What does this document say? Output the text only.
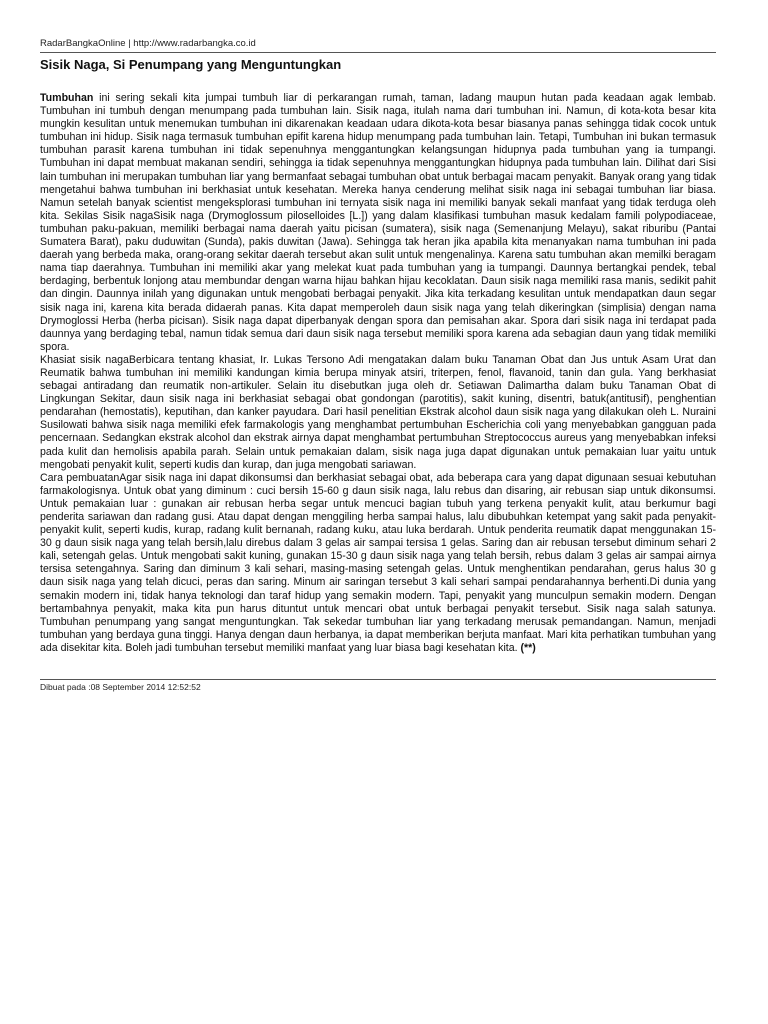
RadarBangkaOnline | http://www.radarbangka.co.id
Sisik Naga, Si Penumpang yang Menguntungkan

Tumbuhan ini sering sekali kita jumpai tumbuh liar di perkarangan rumah, taman, ladang maupun hutan pada keadaan agak lembab. Tumbuhan ini tumbuh dengan menumpang pada tumbuhan lain. Sisik naga, itulah nama dari tumbuhan ini. Namun, di kota-kota besar kita mungkin kesulitan untuk menemukan tumbuhan ini dikarenakan keadaan udara dikota-kota besar biasanya panas sehingga tidak cocok untuk tumbuhan ini hidup. Sisik naga termasuk tumbuhan epifit karena hidup menumpang pada tumbuhan lain. Tetapi, Tumbuhan ini bukan termasuk tumbuhan parasit karena tumbuhan ini tidak sepenuhnya menggantungkan kelangsungan hidupnya pada tumbuhan yang ia tumpangi. Tumbuhan ini dapat membuat makanan sendiri, sehingga ia tidak sepenuhnya menggantungkan hidupnya pada tumbuhan lain. Dilihat dari Sisi lain tumbuhan ini merupakan tumbuhan liar yang bermanfaat sebagai tumbuhan obat untuk berbagai macam penyakit. Banyak orang yang tidak mengetahui bahwa tumbuhan ini berkhasiat untuk kesehatan. Mereka hanya cenderung melihat sisik naga ini sebagai tumbuhan liar biasa. Namun setelah banyak scientist mengeksplorasi tumbuhan ini ternyata sisik naga ini memiliki banyak sekali manfaat yang tidak terduga oleh kita. Sekilas Sisik nagaSisik naga (Drymoglossum piloselloides [L.]) yang dalam klasifikasi tumbuhan masuk kedalam famili polypodiaceae, tumbuhan paku-pakuan, memiliki berbagai nama daerah yaitu picisan (sumatera), sisik naga (Semenanjung Melayu), sakat riburibu (Pantai Sumatera Barat), paku duduwitan (Sunda), pakis duwitan (Jawa). Sehingga tak heran jika apabila kita menanyakan nama tumbuhan ini pada daerah yang berbeda maka, orang-orang sekitar daerah tersebut akan sulit untuk mengenalinya. Karena satu tumbuhan akan memilki beragam nama tiap daerahnya. Tumbuhan ini memiliki akar yang melekat kuat pada tumbuhan yang ia tumpangi. Daunnya bertangkai pendek, tebal berdaging, berbentuk lonjong atau membundar dengan warna hijau bahkan hijau kecoklatan. Daun sisik naga memiliki rasa manis, sedikit pahit dan dingin. Daunnya inilah yang digunakan untuk mengobati berbagai penyakit. Jika kita terkadang kesulitan untuk mendapatkan daun segar sisik naga ini, karena kita berada didaerah panas. Kita dapat memperoleh daun sisik naga yang telah dikeringkan (simplisia) dengan nama Drymoglossi Herba (herba picisan). Sisik naga dapat diperbanyak dengan spora dan pemisahan akar. Spora dari sisik naga ini terdapat pada daunnya yang berdaging tebal, namun tidak semua dari daun sisik naga tersebut memiliki spora karena ada sebagian daun yang tidak memiliki spora.

Khasiat sisik nagaBerbicara tentang khasiat, Ir. Lukas Tersono Adi mengatakan dalam buku Tanaman Obat dan Jus untuk Asam Urat dan Reumatik bahwa tumbuhan ini memiliki kandungan kimia berupa minyak atsiri, triterpen, fenol, flavanoid, tanin dan gula. Yang berkhasiat sebagai antiradang dan reumatik non-artikuler. Selain itu disebutkan juga oleh dr. Setiawan Dalimartha dalam buku Tanaman Obat di Lingkungan Sekitar, daun sisik naga ini berkhasiat sebagai obat gondongan (parotitis), sakit kuning, disentri, batuk(antitusif), penghentian pendarahan (hemostatis), keputihan, dan kanker payudara. Dari hasil penelitian Ekstrak alcohol daun sisik naga yang dilakukan oleh L. Nuraini Susilowati bahwa sisik naga memiliki efek farmakologis yang menghambat pertumbuhan Escherichia coli yang menyebabkan gangguan pada pencernaan. Sedangkan ekstrak alcohol dan ekstrak airnya dapat menghambat pertumbuhan Streptococcus aureus yang menyebabkan infeksi pada kulit dan hemolisis apabila parah. Selain untuk pemakaian dalam, sisik naga juga dapat digunakan untuk pemakaian luar yaitu untuk mengobati penyakit kulit, seperti kudis dan kurap, dan juga mengobati sariawan.

Cara pembuatanAgar sisik naga ini dapat dikonsumsi dan berkhasiat sebagai obat, ada beberapa cara yang dapat digunaan sesuai kebutuhan farmakologisnya. Untuk obat yang diminum : cuci bersih 15-60 g daun sisik naga, lalu rebus dan disaring, air rebusan siap untuk dikonsumsi. Untuk pemakaian luar : gunakan air rebusan herba segar untuk mencuci bagian tubuh yang terkena penyakit kulit, atau berkumur bagi penderita sariawan dan radang gusi. Atau dapat dengan menggiling herba sampai halus, lalu dibubuhkan ketempat yang sakit pada penyakit-penyakit kulit, seperti kudis, kurap, radang kulit bernanah, radang kuku, atau luka berdarah. Untuk penderita reumatik dapat menggunakan 15-30 g daun sisik naga yang telah bersih,lalu direbus dalam 3 gelas air sampai tersisa 1 gelas. Saring dan air rebusan tersebut diminum sehari 2 kali, setengah gelas. Untuk mengobati sakit kuning, gunakan 15-30 g daun sisik naga yang telah bersih, rebus dalam 3 gelas air sampai airnya tersisa setengahnya. Saring dan diminum 3 kali sehari, masing-masing setengah gelas. Untuk menghentikan pendarahan, gerus halus 30 g daun sisik naga yang telah dicuci, peras dan saring. Minum air saringan tersebut 3 kali sehari sampai pendarahannya berhenti.Di dunia yang semakin modern ini, tidak hanya teknologi dan taraf hidup yang semakin modern. Tapi, penyakit yang munculpun semakin modern. Dengan bertambahnya penyakit, maka kita pun harus dituntut untuk mencari obat untuk berbagai penyakit tersebut. Sisik naga salah satunya. Tumbuhan penumpang yang sangat menguntungkan. Tak sekedar tumbuhan liar yang terkadang merusak pemandangan. Namun, menjadi tumbuhan yang berdaya guna tinggi. Hanya dengan daun herbanya, ia dapat memberikan berjuta manfaat. Mari kita perhatikan tumbuhan yang ada disekitar kita. Boleh jadi tumbuhan tersebut memiliki manfaat yang luar biasa bagi kesehatan kita. (**)

Dibuat pada :08 September 2014 12:52:52
